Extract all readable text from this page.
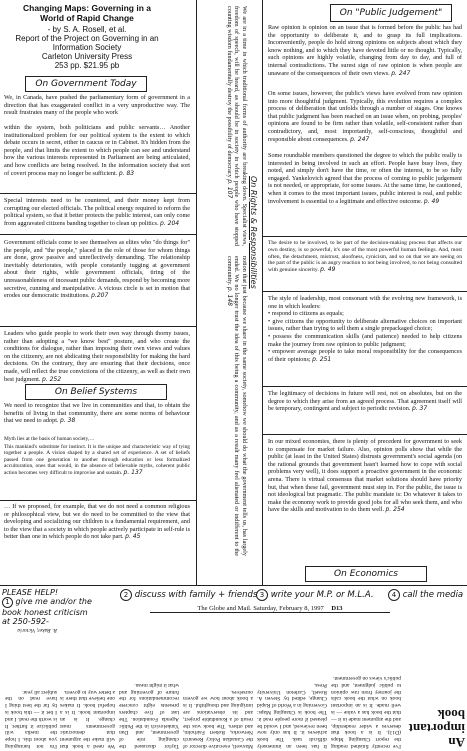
Changing Maps: Governing in a World of Rapid Change
- by S. A. Rosell, et al.
Report of the Project on Governing in an Information Society
Carleton University Press
253 pp. $21.95 pb
On Government Today
We, in Canada, have pushed the parliamentary form of government in a direction that has exaggerated conflict in a very unproductive way. The result frustrates many of the people who work
within the system, both politicians and public servants… Another institutionalized problem for our political system is the extent to which debate occurs in secret, either in caucus or in Cabinet. It's hidden from the people, and that limits the extent to which people can see and understand how the various interests represented in Parliament are being articulated, and how conflicts are being resolved. In the information society that sort of covert process may no longer be sufficient. p. 83
Special interests need to be countered, and their money kept from corrupting our elected officials. The political energy required to reform the political system, so that it better protects the public interest, can only come from aggravated citizens banding together to clean up politics. p. 204
Government officials come to see themselves as elites who "do things for" the people, and "the people," placed in the role of those for whom things are done, grow passive and unreflectively demanding. The relationship inevitably deteriorates, with people constantly tugging at government about their rights, while government officials, tiring of the unreasonableness of incessant public demands, respond by becoming more secretive, cunning and manipulative. A vicious circle is set in motion that erodes our democratic institutions. p.207
Leaders who guide people to work their own way through thorny issues, rather than adopting a "we know best" posture, and who create the conditions for dialogue, rather than imposing their own views and values on the citizenry, are not abdicating their responsibility for making the hard decisions. On the contrary, they are ensuring that their decisions, once made, will reflect the true convictions of the citizenry, as well as their own best judgment. p. 252
On Belief Systems
We need to recognize that we live in communities and that, to obtain the benefits of living in that community, there are some norms of behaviour that we need to adopt. p. 38
Myth lies at the basis of human society,…
This mankind's substitute for instinct. It is the unique and characteristic way of tying together a people. A vision shaped by a shared set of experience. A set of beliefs passed from one generation to another through education or less formalized acculturation, ones that would, in the absence of believable myths, coherent public action becomes very difficult to improvise and sustain. p. 137
… If we proposed, for example, that we do not need a common religious or philosophical view, but we do need to be committed to the view that developing and socializing our children is a fundamental requirement, and to the view that a society in which people actively participate in self-rule is better than one in which people do not take part. p. 45
On Rights & Responsibilities
We are in a time in which traditional forms of authority are breaking down. Specialist views, freedom of speech, will be heard, as should be in society in which people who have stopped counting wisdom fundamentally destroy the possibility of democracy p. 107
notion that just because we share in the same society, somehow we should do what the government tells us, has largely ended. We no longer trust the idea of this being a community, and as a result many feel alienated or indifferent to the community. p. 148
On "Public Judgement"
Raw opinion is opinion on an issue that is formed before the public has had the opportunity to deliberate it, and to grasp its full implications. Inconveniently, people do hold strong opinions on subjects about which they know nothing, and to which they have devoted little or no thought. Typically, such opinions are highly volatile, changing from day to day, and full of internal contradictions. The surest sign of raw opinion is when people are unaware of the consequences of their own views. p. 247
On some issues, however, the public's views have evolved from raw opinion into more thoughtful judgment. Typically, this evolution requires a complex process of deliberation that unfolds through a number of stages. One knows that public judgment has been reached on an issue when, on probing, peoples' opinions are found to be firm rather than volatile, self-consistent rather than contradictory, and, most importantly, self-conscious, thoughtful and responsible about consequences. p. 247
Some roundtable members questioned the degree to which the public really is interested in being involved in such an effort. People have busy lives, they noted, and simply don't have the time, or often the interest, to be so fully engaged. Yankelovich agreed that the process of coming to public judgement is not needed, or appropriate, for some issues. At the same time, he cautioned, when it comes to the most important issues, public interest is real, and public involvement is essential to a legitimate and effective outcome. p. 49
The desire to be involved, to be part of the decision-making process that affects our own destiny, is so powerful, it's one of the most powerful human feelings. And, most often, the detachment, mistrust, aloofness, cynicism, and so on that we are seeing on the part of the public is an angry reaction to not being involved, to not being consulted with genuine sincerity. p. 49
The style of leadership, most consonant with the evolving new framework, is one in which leaders:
• respond to citizens as equals;
• give citizens the opportunity to deliberate alternative choices on important issues, rather than trying to sell them a single prepackaged choice;
• possess the communication skills (and patience) needed to help citizens make the journey from raw opinion to public judgment;
• empower average people to take moral responsibility for the consequences of their opinions; p. 251
The legitimacy of decisions in future will rest, not on absolutes, but on the degree to which they arise from an agreed process. That agreement itself will be temporary, contingent and subject to periodic revision. p. 37
In our mixed economies, there is plenty of precedent for government to seek to compensate for market failure. Also, opinion polls show that while the public (at least in the United States) distrusts government's social agenda (on the rational grounds that government hasn't learned how to cope with social problems very well), it does support a proactive government in the economic arena. There is virtual consensus that market solutions should have priority but, that when these fail, government must step in. For the public, the issue is not ideological but pragmatic. The public mandate is: Do whatever it takes to make the economy work to provide good jobs for all who seek them, and who have the skills and motivation to do them well. p. 254
On Economics
PLEASE HELP!
1 give me and/or the
book honest criticism
at 250-592-
2 discuss with family + friends 3 write your M.P. or M.L.A.	4 call the media
The Globe and Mail. Saturday, February 8, 1997 D13
An important book
I've recently finished reading the report Changing Maps (D13). It is a book that deserves a wider readership, and the argument made in it — that the book has a value — is well made. It is an important book on what the book calls the journey from raw opinion to public judgment, and the public's views on government.
It has been an immensely difficult task. The book achieves it. It has only now been reviewed, and I would be pleased if more people read it. The book is Changing Maps: Governing in a World of Rapid Change, edited by Steven A. Rosell, Carleton University Press.
Maxwell, executive director of the Canadian Policy Research Networks, Robert Fairholm, and others. The book was the result of a Roundtable project, and its observations are intriguing and thoughtful. It is a book about how we govern ourselves.
Taylor discussed the changing role of government, and Dan Yankelovich in the Public Agenda Foundation. The last of five chapters presents eight concrete recommendations for the future of governing and what it might mean.
We need a book that will make the argument that democratic governments must change. It is an important book. It is a hopeful book. It makes one believe that there is a better way to govern.
I'm not haranguing you about this. I hope the media will publicize it further. It is worth the read. I and I bet it — this book is by far the best thing I have read on the subject all year.
R. Baker, Victoria
